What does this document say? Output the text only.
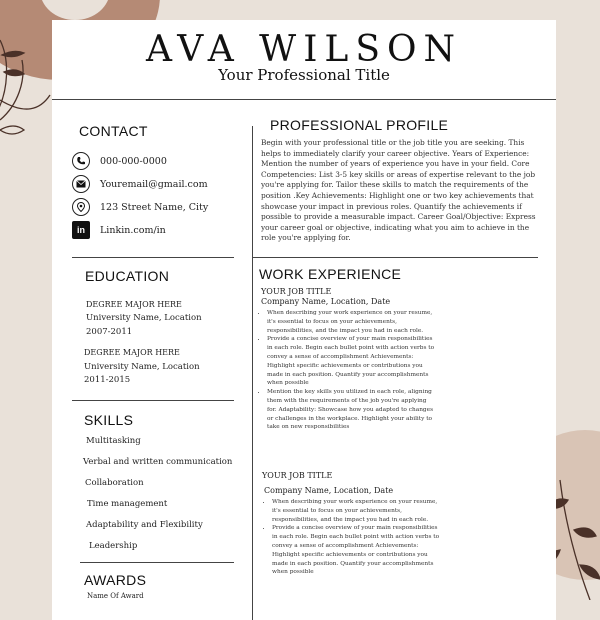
AVA WILSON
Your Professional Title
CONTACT
000-000-0000
Youremail@gmail.com
123 Street Name, City
in Linkin.com/in
EDUCATION
DEGREE MAJOR HERE
University Name, Location
2007-2011
DEGREE MAJOR HERE
University Name, Location
2011-2015
SKILLS
Multitasking
Verbal and written communication
Collaboration
Time management
Adaptability and Flexibility
Leadership
AWARDS
Name Of Award
PROFESSIONAL PROFILE
Begin with your professional title or the job title you are seeking. This helps to immediately clarify your career objective. Years of Experience: Mention the number of years of experience you have in your field. Core Competencies: List 3-5 key skills or areas of expertise relevant to the job you're applying for. Tailor these skills to match the requirements of the position .Key Achievements: Highlight one or two key achievements that showcase your impact in previous roles. Quantify the achievements if possible to provide a measurable impact. Career Goal/Objective: Express your career goal or objective, indicating what you aim to achieve in the role you're applying for.
WORK EXPERIENCE
YOUR JOB TITLE
Company Name, Location, Date
• When describing your work experience on your resume, it's essential to focus on your achievements, responsibilities, and the impact you had in each role.
• Provide a concise overview of your main responsibilities in each role. Begin each bullet point with action verbs to convey a sense of accomplishment Achievements: Highlight specific achievements or contributions you made in each position. Quantify your accomplishments when possible
• Mention the key skills you utilized in each role, aligning them with the requirements of the job you're applying for. Adaptability: Showcase how you adapted to changes or challenges in the workplace. Highlight your ability to take on new responsibilities
YOUR JOB TITLE
Company Name, Location, Date
• When describing your work experience on your resume, it's essential to focus on your achievements, responsibilities, and the impact you had in each role.
• Provide a concise overview of your main responsibilities in each role. Begin each bullet point with action verbs to convey a sense of accomplishment Achievements: Highlight specific achievements or contributions you made in each position. Quantify your accomplishments when possible
